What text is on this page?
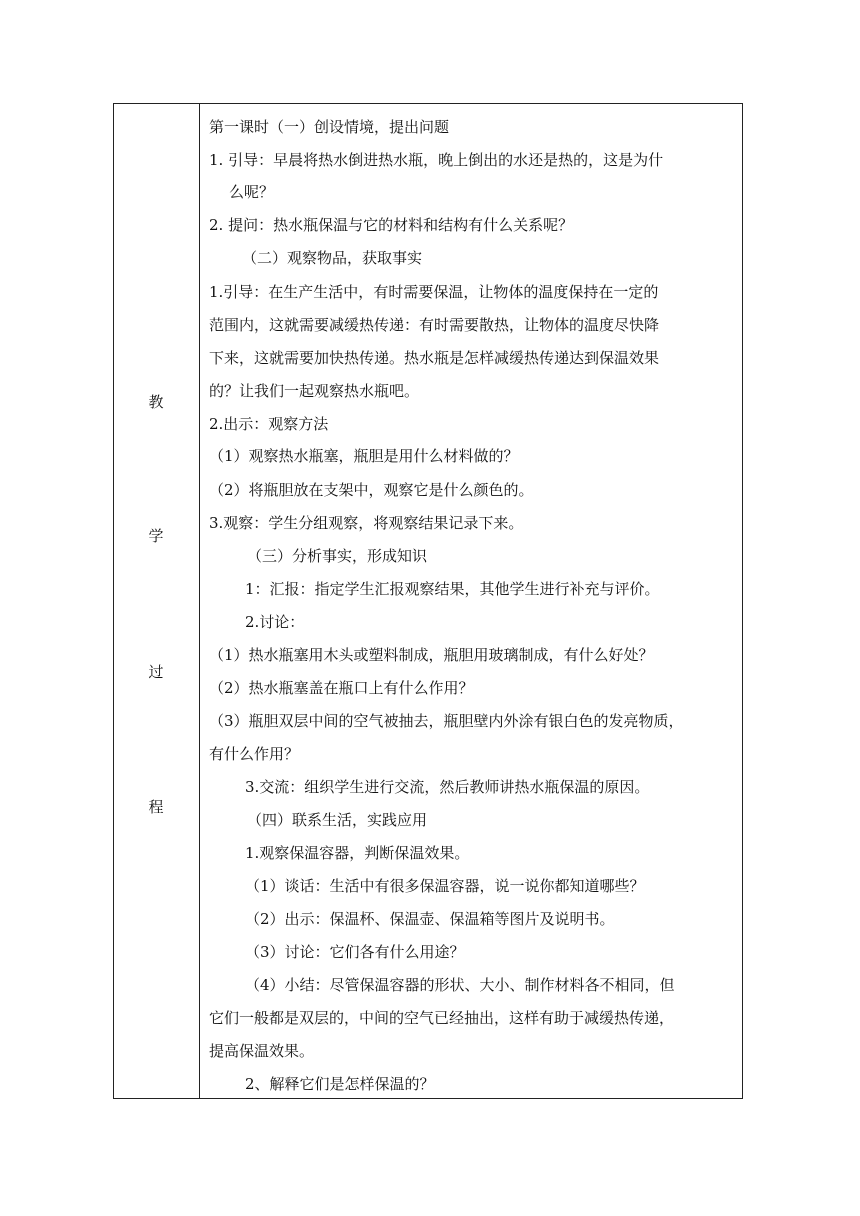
教
学
过
程
第一课时（一）创设情境，提出问题
1. 引导：早晨将热水倒进热水瓶，晚上倒出的水还是热的，这是为什
么呢？
2. 提问：热水瓶保温与它的材料和结构有什么关系呢？
（二）观察物品，获取事实
1.引导：在生产生活中，有时需要保温，让物体的温度保持在一定的
范围内，这就需要减缓热传递：有时需要散热，让物体的温度尽快降
下来，这就需要加快热传递。热水瓶是怎样减缓热传递达到保温效果
的？让我们一起观察热水瓶吧。
2.出示：观察方法
（1）观察热水瓶塞，瓶胆是用什么材料做的？
（2）将瓶胆放在支架中，观察它是什么颜色的。
3.观察：学生分组观察，将观察结果记录下来。
（三）分析事实，形成知识
1：汇报：指定学生汇报观察结果，其他学生进行补充与评价。
2.讨论：
（1）热水瓶塞用木头或塑料制成，瓶胆用玻璃制成，有什么好处？
（2）热水瓶塞盖在瓶口上有什么作用？
（3）瓶胆双层中间的空气被抽去，瓶胆壁内外涂有银白色的发亮物质，
有什么作用？
3.交流：组织学生进行交流，然后教师讲热水瓶保温的原因。
（四）联系生活，实践应用
1.观察保温容器，判断保温效果。
（1）谈话：生活中有很多保温容器，说一说你都知道哪些？
（2）出示：保温杯、保温壶、保温箱等图片及说明书。
（3）讨论：它们各有什么用途？
（4）小结：尽管保温容器的形状、大小、制作材料各不相同，但
它们一般都是双层的，中间的空气已经抽出，这样有助于减缓热传递，
提高保温效果。
2、解释它们是怎样保温的？
